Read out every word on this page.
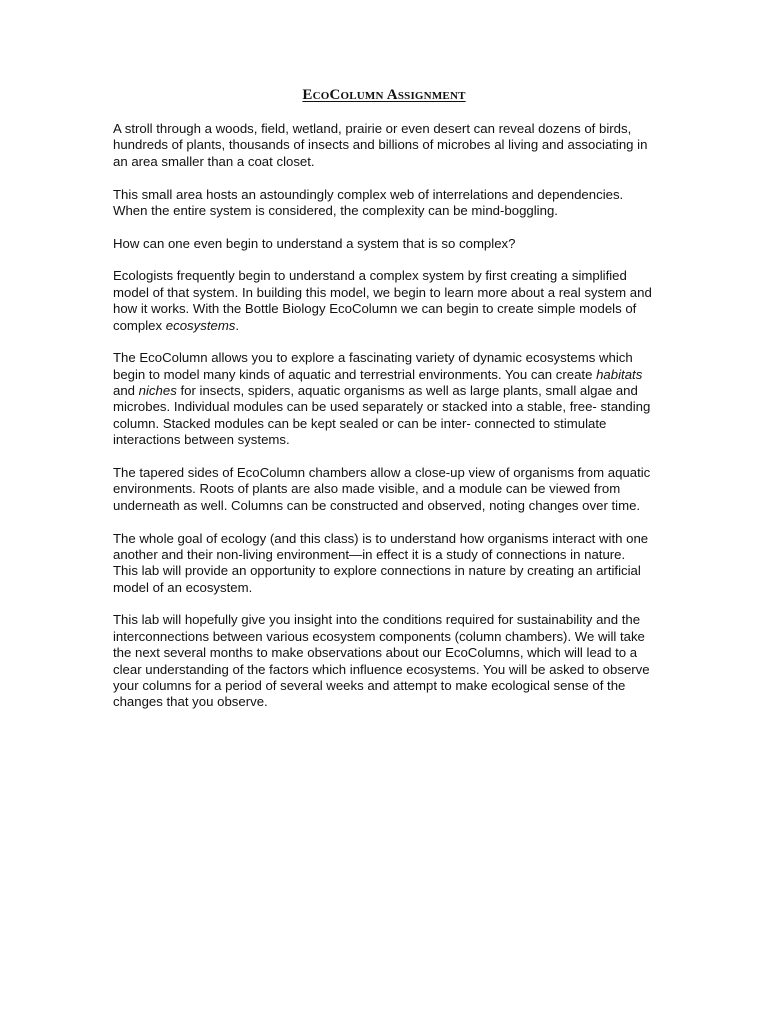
EcoColumn Assignment

A stroll through a woods, field, wetland, prairie or even desert can reveal dozens of birds, hundreds of plants, thousands of insects and billions of microbes al living and associating in an area smaller than a coat closet.

This small area hosts an astoundingly complex web of interrelations and dependencies. When the entire system is considered, the complexity can be mind-boggling.

How can one even begin to understand a system that is so complex?

Ecologists frequently begin to understand a complex system by first creating a simplified model of that system. In building this model, we begin to learn more about a real system and how it works. With the Bottle Biology EcoColumn we can begin to create simple models of complex ecosystems.

The EcoColumn allows you to explore a fascinating variety of dynamic ecosystems which begin to model many kinds of aquatic and terrestrial environments. You can create habitats and niches for insects, spiders, aquatic organisms as well as large plants, small algae and microbes. Individual modules can be used separately or stacked into a stable, free- standing column. Stacked modules can be kept sealed or can be inter- connected to stimulate interactions between systems.

The tapered sides of EcoColumn chambers allow a close-up view of organisms from aquatic environments. Roots of plants are also made visible, and a module can be viewed from underneath as well. Columns can be constructed and observed, noting changes over time.

The whole goal of ecology (and this class) is to understand how organisms interact with one another and their non-living environment—in effect it is a study of connections in nature. This lab will provide an opportunity to explore connections in nature by creating an artificial model of an ecosystem.

This lab will hopefully give you insight into the conditions required for sustainability and the interconnections between various ecosystem components (column chambers). We will take the next several months to make observations about our EcoColumns, which will lead to a clear understanding of the factors which influence ecosystems. You will be asked to observe your columns for a period of several weeks and attempt to make ecological sense of the changes that you observe.
